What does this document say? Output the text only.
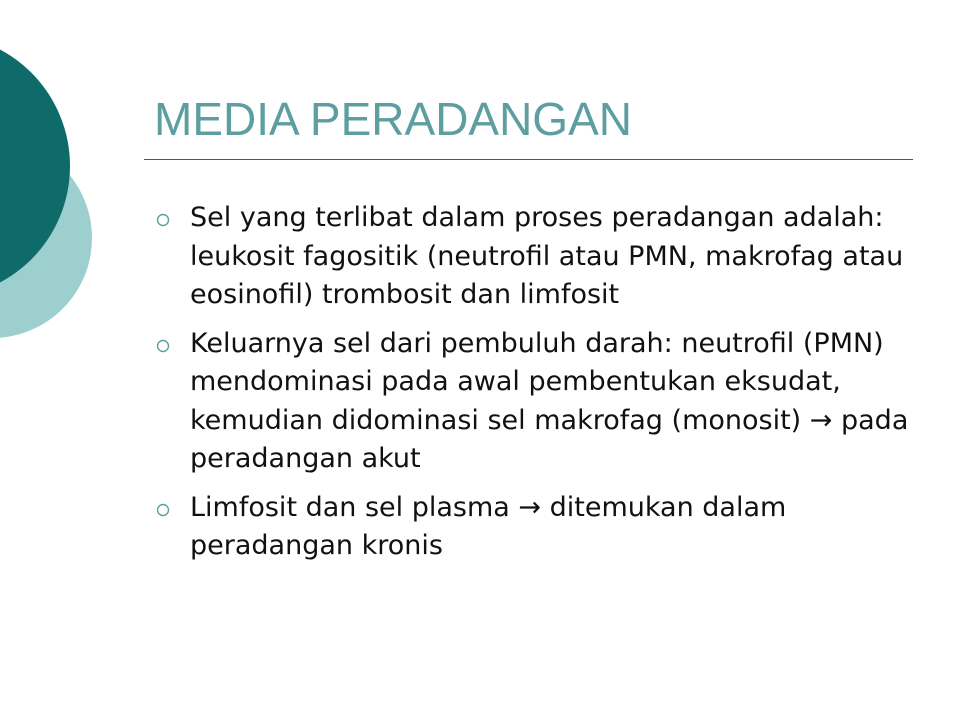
MEDIA PERADANGAN
Sel yang terlibat dalam proses peradangan adalah: leukosit fagositik (neutrofil atau PMN, makrofag atau eosinofil) trombosit dan limfosit
Keluarnya sel dari pembuluh darah: neutrofil (PMN) mendominasi pada awal pembentukan eksudat, kemudian didominasi sel makrofag (monosit) → pada peradangan akut
Limfosit dan sel plasma → ditemukan dalam peradangan kronis
